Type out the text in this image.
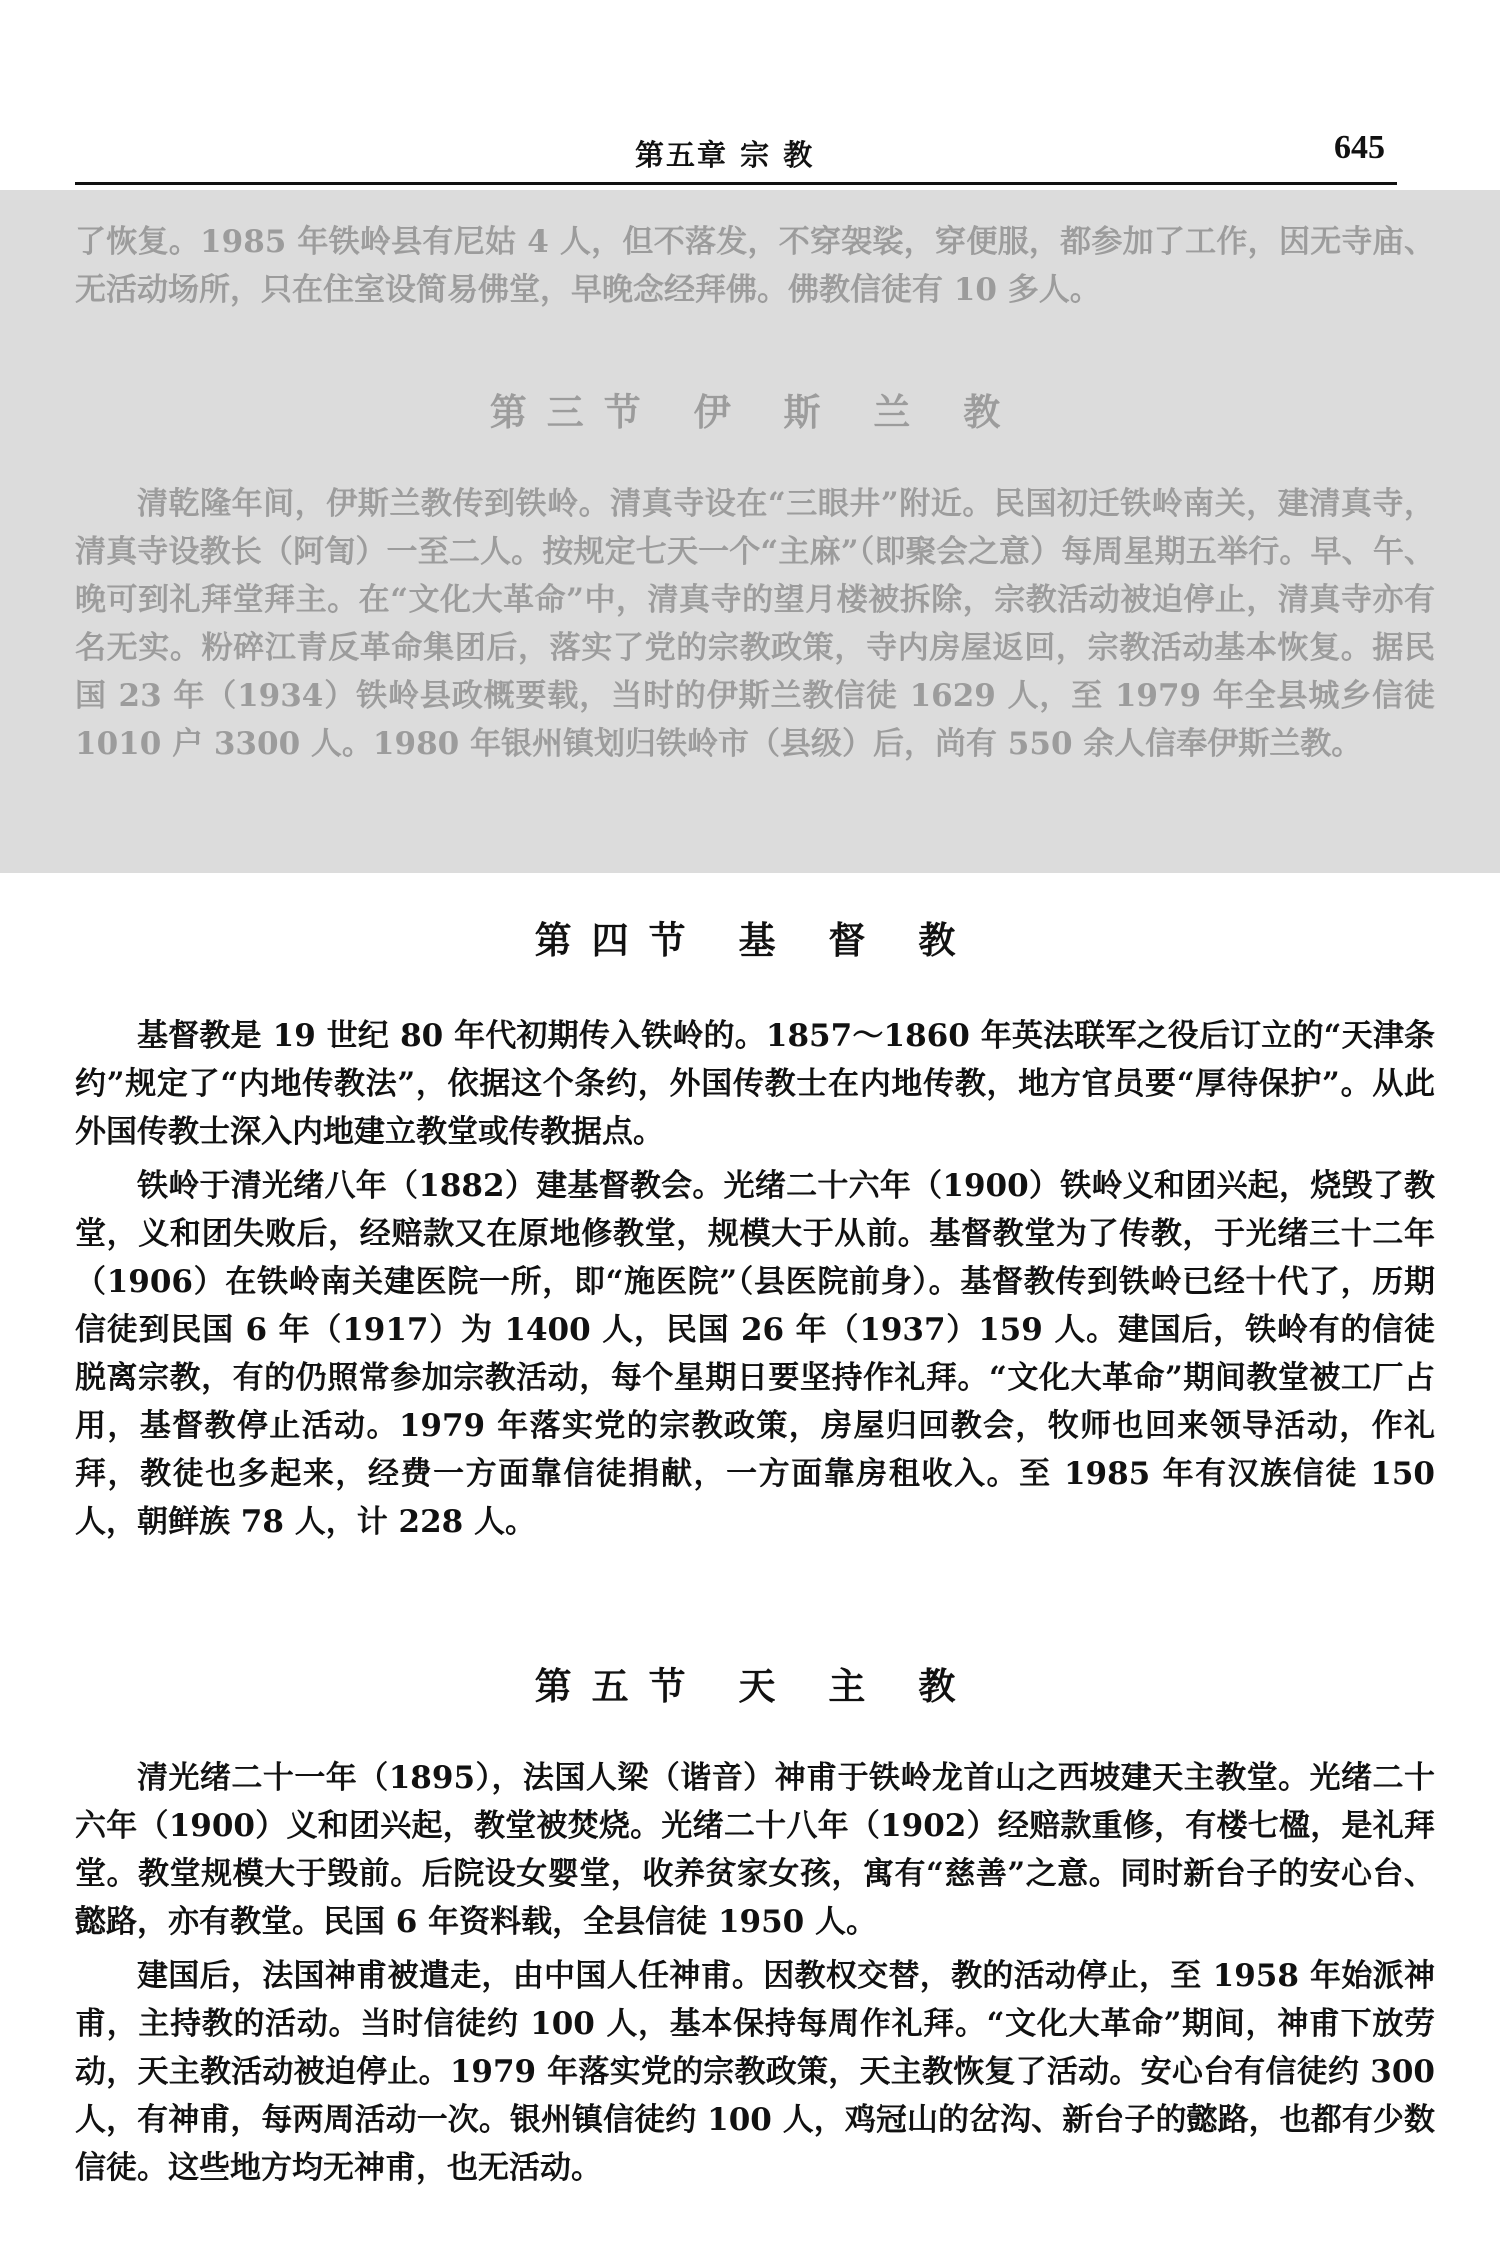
第五章 宗 教	645

了恢复。1985 年铁岭县有尼姑 4 人，但不落发，不穿袈裟，穿便服，都参加了工作，因无寺庙、无活动场所，只在住室设简易佛堂，早晚念经拜佛。佛教信徒有 10 多人。

第三节 伊 斯 兰 教

清乾隆年间，伊斯兰教传到铁岭。清真寺设在“三眼井”附近。民国初迁铁岭南关，建清真寺，清真寺设教长（阿訇）一至二人。按规定七天一个“主麻”（即聚会之意）每周星期五举行。早、午、晚可到礼拜堂拜主。在“文化大革命”中，清真寺的望月楼被拆除，宗教活动被迫停止，清真寺亦有名无实。粉碎江青反革命集团后，落实了党的宗教政策，寺内房屋返回，宗教活动基本恢复。据民国 23 年（1934）铁岭县政概要载，当时的伊斯兰教信徒 1629 人，至 1979 年全县城乡信徒 1010 户 3300 人。1980 年银州镇划归铁岭市（县级）后，尚有 550 余人信奉伊斯兰教。

第四节 基 督 教

基督教是 19 世纪 80 年代初期传入铁岭的。1857～1860 年英法联军之役后订立的“天津条约”规定了“内地传教法”，依据这个条约，外国传教士在内地传教，地方官员要“厚待保护”。从此外国传教士深入内地建立教堂或传教据点。

铁岭于清光绪八年（1882）建基督教会。光绪二十六年（1900）铁岭义和团兴起，烧毁了教堂，义和团失败后，经赔款又在原地修教堂，规模大于从前。基督教堂为了传教，于光绪三十二年（1906）在铁岭南关建医院一所，即“施医院”（县医院前身）。基督教传到铁岭已经十代了，历期信徒到民国 6 年（1917）为 1400 人，民国 26 年（1937）159 人。建国后，铁岭有的信徒脱离宗教，有的仍照常参加宗教活动，每个星期日要坚持作礼拜。“文化大革命”期间教堂被工厂占用，基督教停止活动。1979 年落实党的宗教政策，房屋归回教会，牧师也回来领导活动，作礼拜，教徒也多起来，经费一方面靠信徒捐献，一方面靠房租收入。至 1985 年有汉族信徒 150 人，朝鲜族 78 人，计 228 人。

第五节 天 主 教

清光绪二十一年（1895），法国人梁（谐音）神甫于铁岭龙首山之西坡建天主教堂。光绪二十六年（1900）义和团兴起，教堂被焚烧。光绪二十八年（1902）经赔款重修，有楼七楹，是礼拜堂。教堂规模大于毁前。后院设女婴堂，收养贫家女孩，寓有“慈善”之意。同时新台子的安心台、懿路，亦有教堂。民国 6 年资料载，全县信徒 1950 人。

建国后，法国神甫被遣走，由中国人任神甫。因教权交替，教的活动停止，至 1958 年始派神甫，主持教的活动。当时信徒约 100 人，基本保持每周作礼拜。“文化大革命”期间，神甫下放劳动，天主教活动被迫停止。1979 年落实党的宗教政策，天主教恢复了活动。安心台有信徒约 300 人，有神甫，每两周活动一次。银州镇信徒约 100 人，鸡冠山的岔沟、新台子的懿路，也都有少数信徒。这些地方均无神甫，也无活动。
